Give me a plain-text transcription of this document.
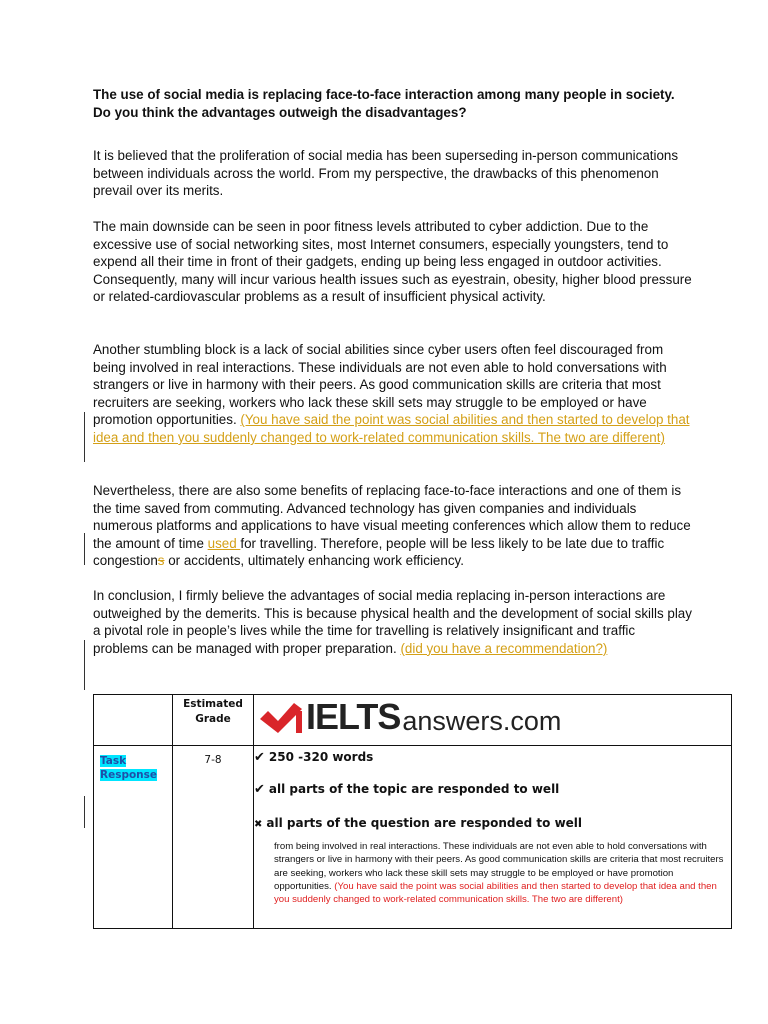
The use of social media is replacing face-to-face interaction among many people in society. Do you think the advantages outweigh the disadvantages?
It is believed that the proliferation of social media has been superseding in-person communications between individuals across the world. From my perspective, the drawbacks of this phenomenon prevail over its merits.
The main downside can be seen in poor fitness levels attributed to cyber addiction. Due to the excessive use of social networking sites, most Internet consumers, especially youngsters, tend to expend all their time in front of their gadgets, ending up being less engaged in outdoor activities. Consequently, many will incur various health issues such as eyestrain, obesity, higher blood pressure or related-cardiovascular problems as a result of insufficient physical activity.
Another stumbling block is a lack of social abilities since cyber users often feel discouraged from being involved in real interactions. These individuals are not even able to hold conversations with strangers or live in harmony with their peers. As good communication skills are criteria that most recruiters are seeking, workers who lack these skill sets may struggle to be employed or have promotion opportunities. (You have said the point was social abilities and then started to develop that idea and then you suddenly changed to work-related communication skills. The two are different)
Nevertheless, there are also some benefits of replacing face-to-face interactions and one of them is the time saved from commuting. Advanced technology has given companies and individuals numerous platforms and applications to have visual meeting conferences which allow them to reduce the amount of time used for travelling. Therefore, people will be less likely to be late due to traffic congestions or accidents, ultimately enhancing work efficiency.
In conclusion, I firmly believe the advantages of social media replacing in-person interactions are outweighed by the demerits. This is because physical health and the development of social skills play a pivotal role in people’s lives while the time for travelling is relatively insignificant and traffic problems can be managed with proper preparation. (did you have a recommendation?)

	Estimated Grade	IELTS answers.com

Task Response	7-8	✔ 250 -320 words
✔ all parts of the topic are responded to well
✖ all parts of the question are responded to well
from being involved in real interactions. These individuals are not even able to hold conversations with strangers or live in harmony with their peers. As good communication skills are criteria that most recruiters are seeking, workers who lack these skill sets may struggle to be employed or have promotion opportunities. (You have said the point was social abilities and then started to develop that idea and then you suddenly changed to work-related communication skills. The two are different)
